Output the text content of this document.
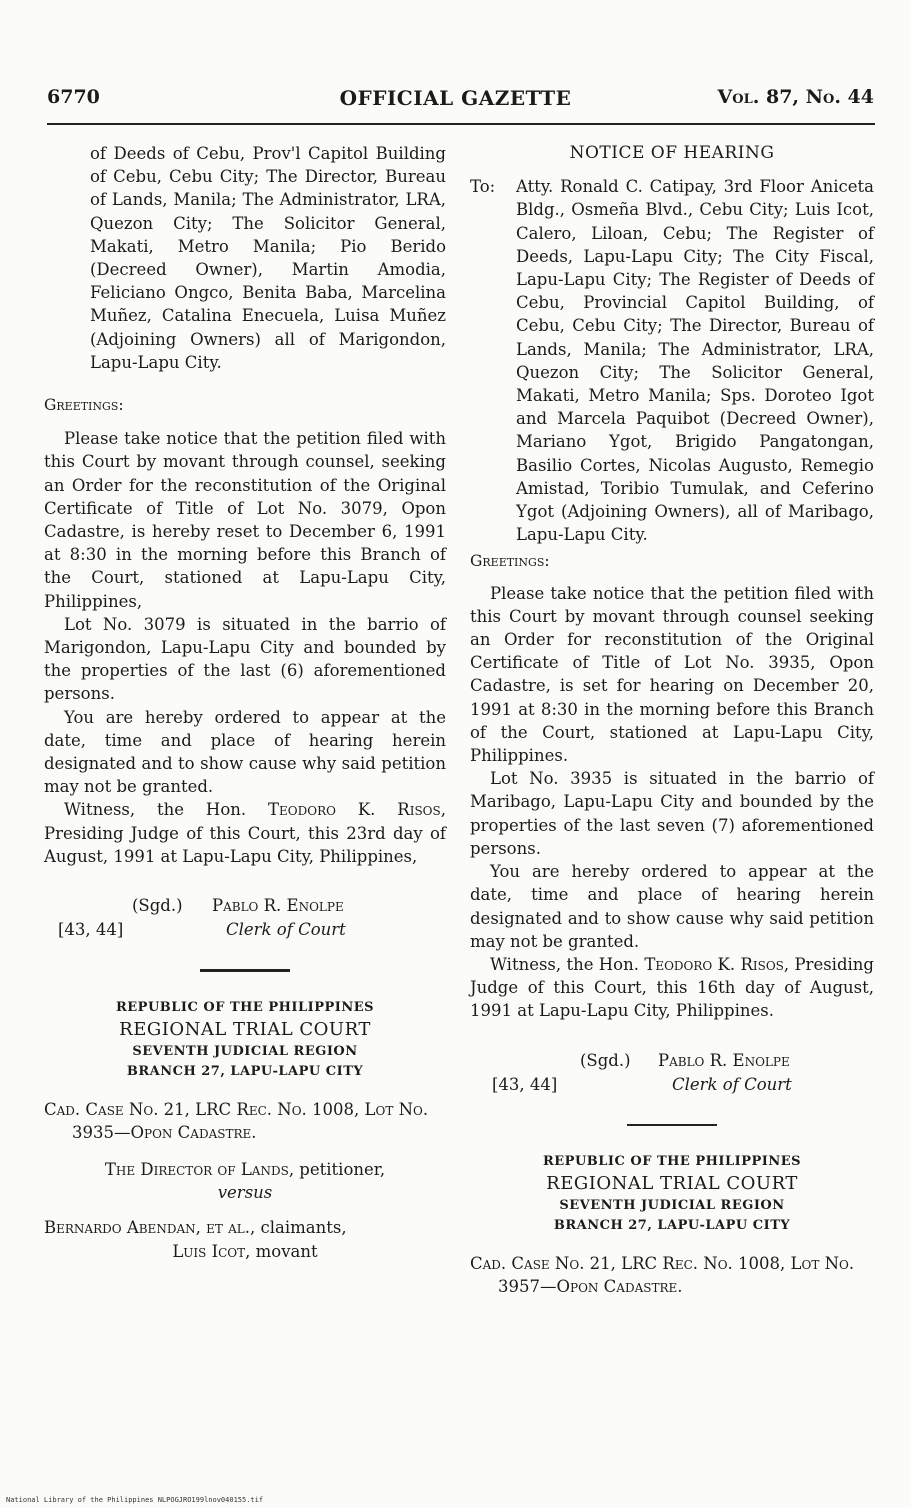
6770	OFFICIAL GAZETTE	Vol. 87, No. 44

of Deeds of Cebu, Prov'l Capitol Building of Cebu, Cebu City; The Director, Bureau of Lands, Manila; The Administrator, LRA, Quezon City; The Solicitor General, Makati, Metro Manila; Pio Berido (Decreed Owner), Martin Amodia, Feliciano Ongco, Benita Baba, Marcelina Muñez, Catalina Enecuela, Luisa Muñez (Adjoining Owners) all of Marigondon, Lapu-Lapu City.

Greetings:

Please take notice that the petition filed with this Court by movant through counsel, seeking an Order for the reconstitution of the Original Certificate of Title of Lot No. 3079, Opon Cadastre, is hereby reset to December 6, 1991 at 8:30 in the morning before this Branch of the Court, stationed at Lapu-Lapu City, Philippines,

Lot No. 3079 is situated in the barrio of Marigondon, Lapu-Lapu City and bounded by the properties of the last (6) aforementioned persons.

You are hereby ordered to appear at the date, time and place of hearing herein designated and to show cause why said petition may not be granted.

Witness, the Hon. Teodoro K. Risos, Presiding Judge of this Court, this 23rd day of August, 1991 at Lapu-Lapu City, Philippines,

(Sgd.) Pablo R. Enolpe
[43, 44]	Clerk of Court
REPUBLIC OF THE PHILIPPINES
REGIONAL TRIAL COURT
SEVENTH JUDICIAL REGION
BRANCH 27, LAPU-LAPU CITY

Cad. Case No. 21, LRC Rec. No. 1008, Lot No. 3935—Opon Cadastre.

The Director of Lands, petitioner,

versus

Bernardo Abendan, et al., claimants,

Luis Icot, movant

NOTICE OF HEARING
To: Atty. Ronald C. Catipay, 3rd Floor Aniceta Bldg., Osmeña Blvd., Cebu City; Luis Icot, Calero, Liloan, Cebu; The Register of Deeds, Lapu-Lapu City; The City Fiscal, Lapu-Lapu City; The Register of Deeds of Cebu, Provincial Capitol Building, of Cebu, Cebu City; The Director, Bureau of Lands, Manila; The Administrator, LRA, Quezon City; The Solicitor General, Makati, Metro Manila; Sps. Doroteo Igot and Marcela Paquibot (Decreed Owner), Mariano Ygot, Brigido Pangatongan, Basilio Cortes, Nicolas Augusto, Remegio Amistad, Toribio Tumulak, and Ceferino Ygot (Adjoining Owners), all of Maribago, Lapu-Lapu City.

Greetings:

Please take notice that the petition filed with this Court by movant through counsel seeking an Order for reconstitution of the Original Certificate of Title of Lot No. 3935, Opon Cadastre, is set for hearing on December 20, 1991 at 8:30 in the morning before this Branch of the Court, stationed at Lapu-Lapu City, Philippines.

Lot No. 3935 is situated in the barrio of Maribago, Lapu-Lapu City and bounded by the properties of the last seven (7) aforementioned persons.

You are hereby ordered to appear at the date, time and place of hearing herein designated and to show cause why said petition may not be granted.

Witness, the Hon. Teodoro K. Risos, Presiding Judge of this Court, this 16th day of August, 1991 at Lapu-Lapu City, Philippines.

(Sgd.) Pablo R. Enolpe
[43, 44]	Clerk of Court
REPUBLIC OF THE PHILIPPINES
REGIONAL TRIAL COURT
SEVENTH JUDICIAL REGION
BRANCH 27, LAPU-LAPU CITY

Cad. Case No. 21, LRC Rec. No. 1008, Lot No. 3957—Opon Cadastre.

National Library of the Philippines NLPOGJRO199lnov040155.tif
